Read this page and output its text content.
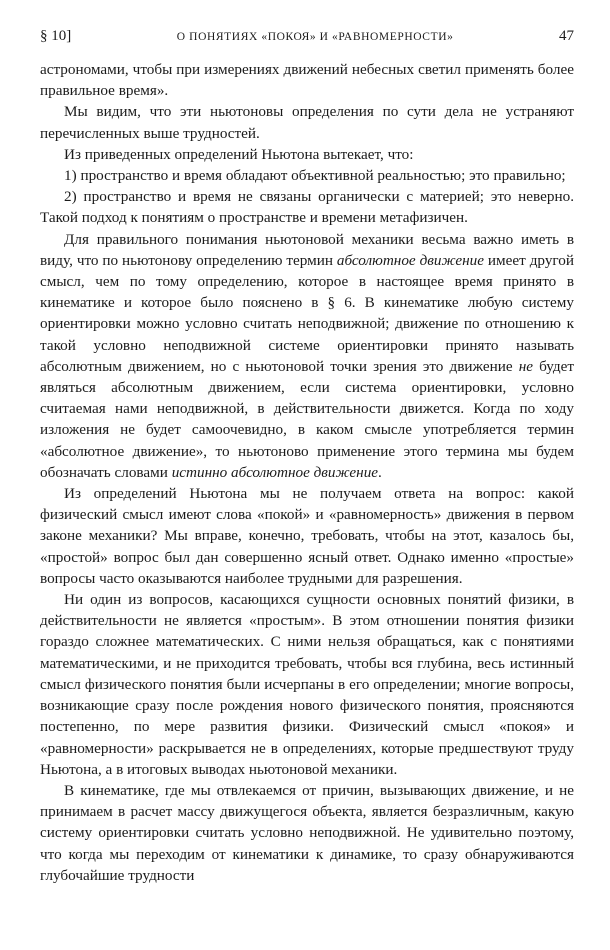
§ 10]	О ПОНЯТИЯХ «ПОКОЯ» И «РАВНОМЕРНОСТИ»	47

астрономами, чтобы при измерениях движений небесных светил применять более правильное время».

Мы видим, что эти ньютоновы определения по сути дела не устраняют перечисленных выше трудностей.

Из приведенных определений Ньютона вытекает, что:

1) пространство и время обладают объективной реальностью; это правильно;

2) пространство и время не связаны органически с материей; это неверно. Такой подход к понятиям о пространстве и времени метафизичен.

Для правильного понимания ньютоновой механики весьма важно иметь в виду, что по ньютонову определению термин абсолютное движение имеет другой смысл, чем по тому определению, которое в настоящее время принято в кинематике и которое было пояснено в § 6. В кинематике любую систему ориентировки можно условно считать неподвижной; движение по отношению к такой условно неподвижной системе ориентировки принято называть абсолютным движением, но с ньютоновой точки зрения это движение не будет являться абсолютным движением, если система ориентировки, условно считаемая нами неподвижной, в действительности движется. Когда по ходу изложения не будет самоочевидно, в каком смысле употребляется термин «абсолютное движение», то ньютоново применение этого термина мы будем обозначать словами истинно абсолютное движение.

Из определений Ньютона мы не получаем ответа на вопрос: какой физический смысл имеют слова «покой» и «равномерность» движения в первом законе механики? Мы вправе, конечно, требовать, чтобы на этот, казалось бы, «простой» вопрос был дан совершенно ясный ответ. Однако именно «простые» вопросы часто оказываются наиболее трудными для разрешения.

Ни один из вопросов, касающихся сущности основных понятий физики, в действительности не является «простым». В этом отношении понятия физики гораздо сложнее математических. С ними нельзя обращаться, как с понятиями математическими, и не приходится требовать, чтобы вся глубина, весь истинный смысл физического понятия были исчерпаны в его определении; многие вопросы, возникающие сразу после рождения нового физического понятия, проясняются постепенно, по мере развития физики. Физический смысл «покоя» и «равномерности» раскрывается не в определениях, которые предшествуют труду Ньютона, а в итоговых выводах ньютоновой механики.

В кинематике, где мы отвлекаемся от причин, вызывающих движение, и не принимаем в расчет массу движущегося объекта, является безразличным, какую систему ориентировки считать условно неподвижной. Не удивительно поэтому, что когда мы переходим от кинематики к динамике, то сразу обнаруживаются глубочайшие трудности
